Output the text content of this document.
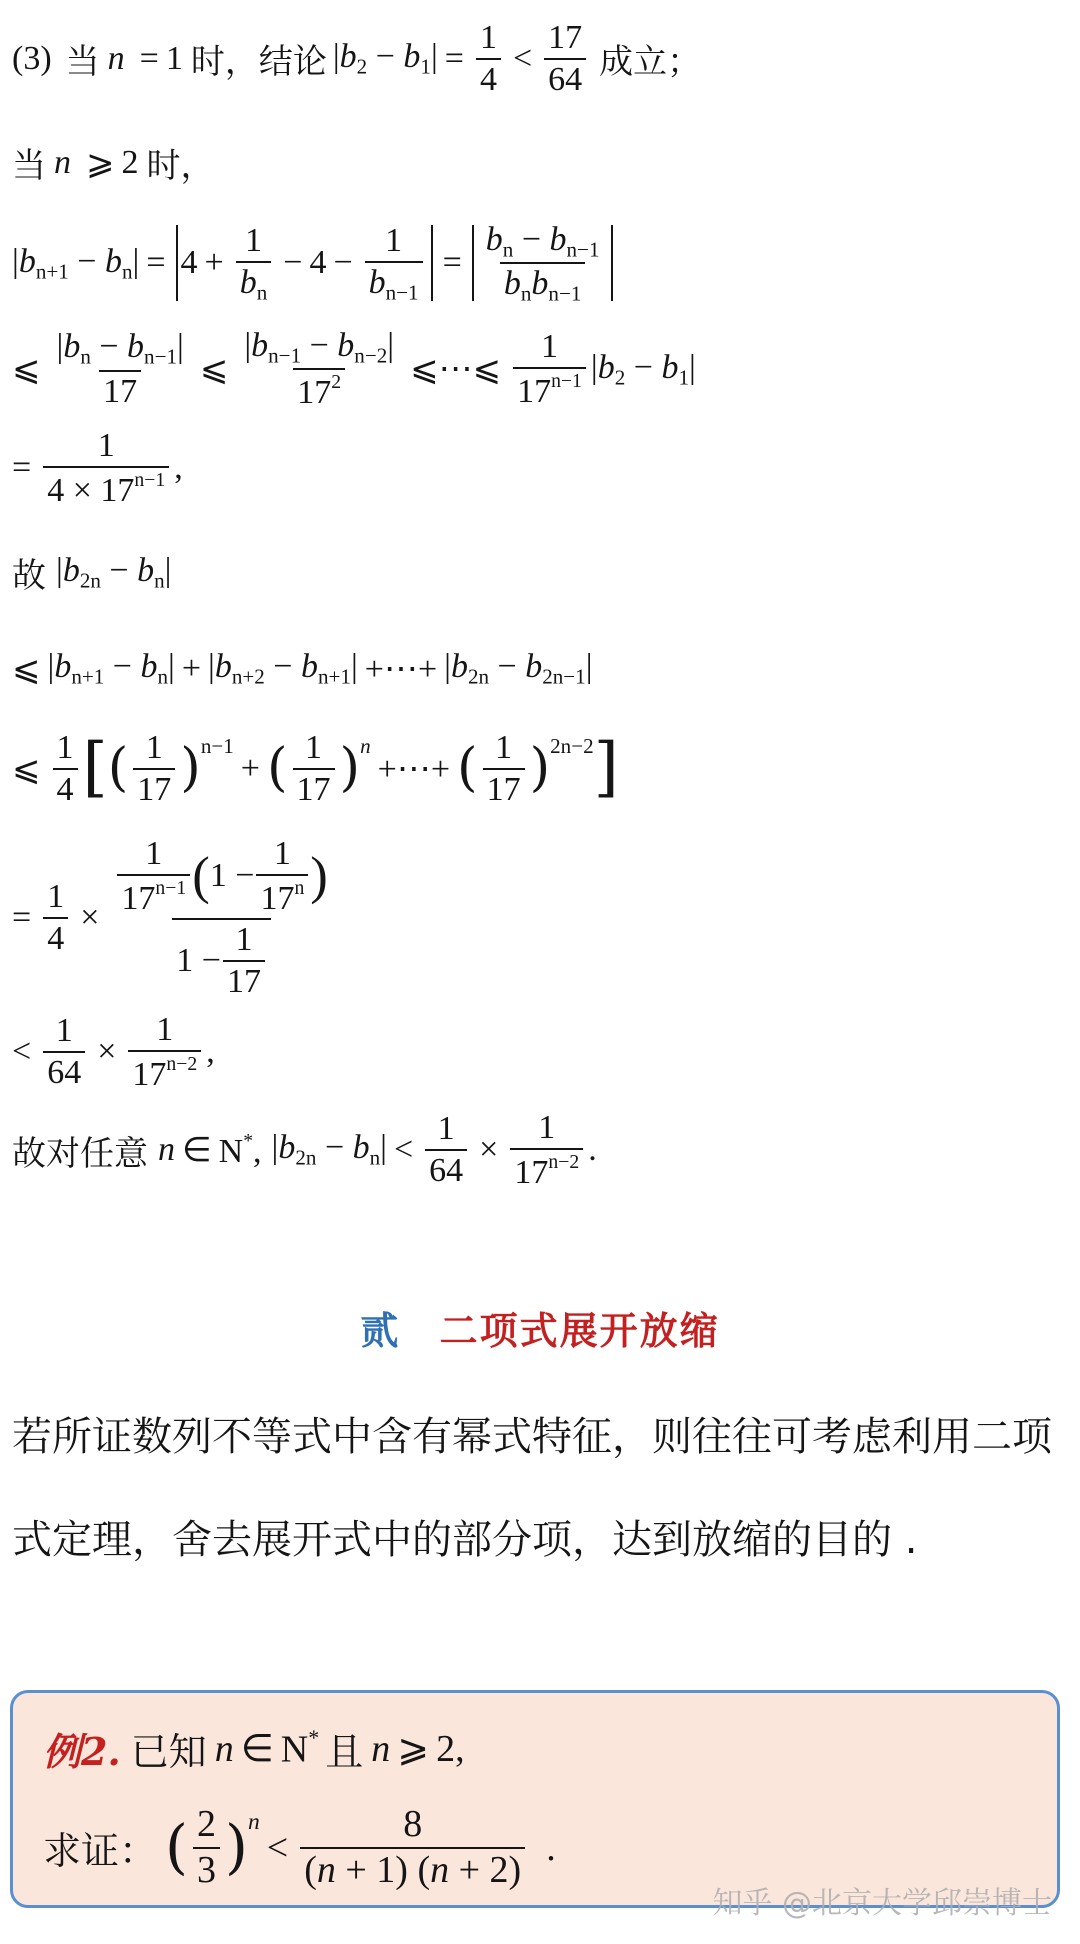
(3) 当 n = 1 时，结论 $|b_2 - b_1| = \frac{1}{4} < \frac{17}{64}$ 成立；
当 n ⩾ 2 时，
$|b_{n+1} - b_n| = 4 + \frac{1}{b_n} - 4 - \frac{1}{b_{n-1}} = \frac{b_n - b_{n-1}}{b_nb_{n-1}}$
⩽ $\frac{|b_n - b_{n-1}|}{17}$ ⩽ $\frac{|b_{n-1} - b_{n-2}|}{17^2}$ ⩽⋯⩽ $\frac{1}{17^{n-1}} |b_2 - b_1|$
= $\frac{1}{4 \times 17^{n-1}}$ ,
故 $|b_{2n} - b_n|$
⩽ $|b_{n+1} - b_n| + |b_{n+2} - b_{n+1}|$ +⋯+ $|b_{2n} - b_{2n-1}|$
⩽ $\frac{1}{4}$ [ ( $\frac{1}{17}$ ) n−1
+ ( $\frac{1}{17}$ ) n
+⋯+ ( $\frac{1}{17}$ ) 2n−2 ]
= $\frac{1}{4} \times \frac{\frac{1}{17^{n-1}} ( 1 - \frac{1}{17^n} )}{1 - \frac{1}{17}}$
< $\frac{1}{64} \times \frac{1}{17^{n-2}}$ ,
故对任意 n ∈ N*, $|b_{2n} - b_n| < \frac{1}{64} \times \frac{1}{17^{n-2}}$ .
贰 二项式展开放缩
若所证数列不等式中含有幂式特征，则往往可考虑利用二项
式定理，舍去展开式中的部分项，达到放缩的目的 .
例2. 已知 n ∈ N* 且 n ⩾ 2,
求证： ( $\frac{2}{3}$ ) n
< $\frac{8}{(n + 1) (n + 2)}$ .
知乎 @北京大学邱崇博士
